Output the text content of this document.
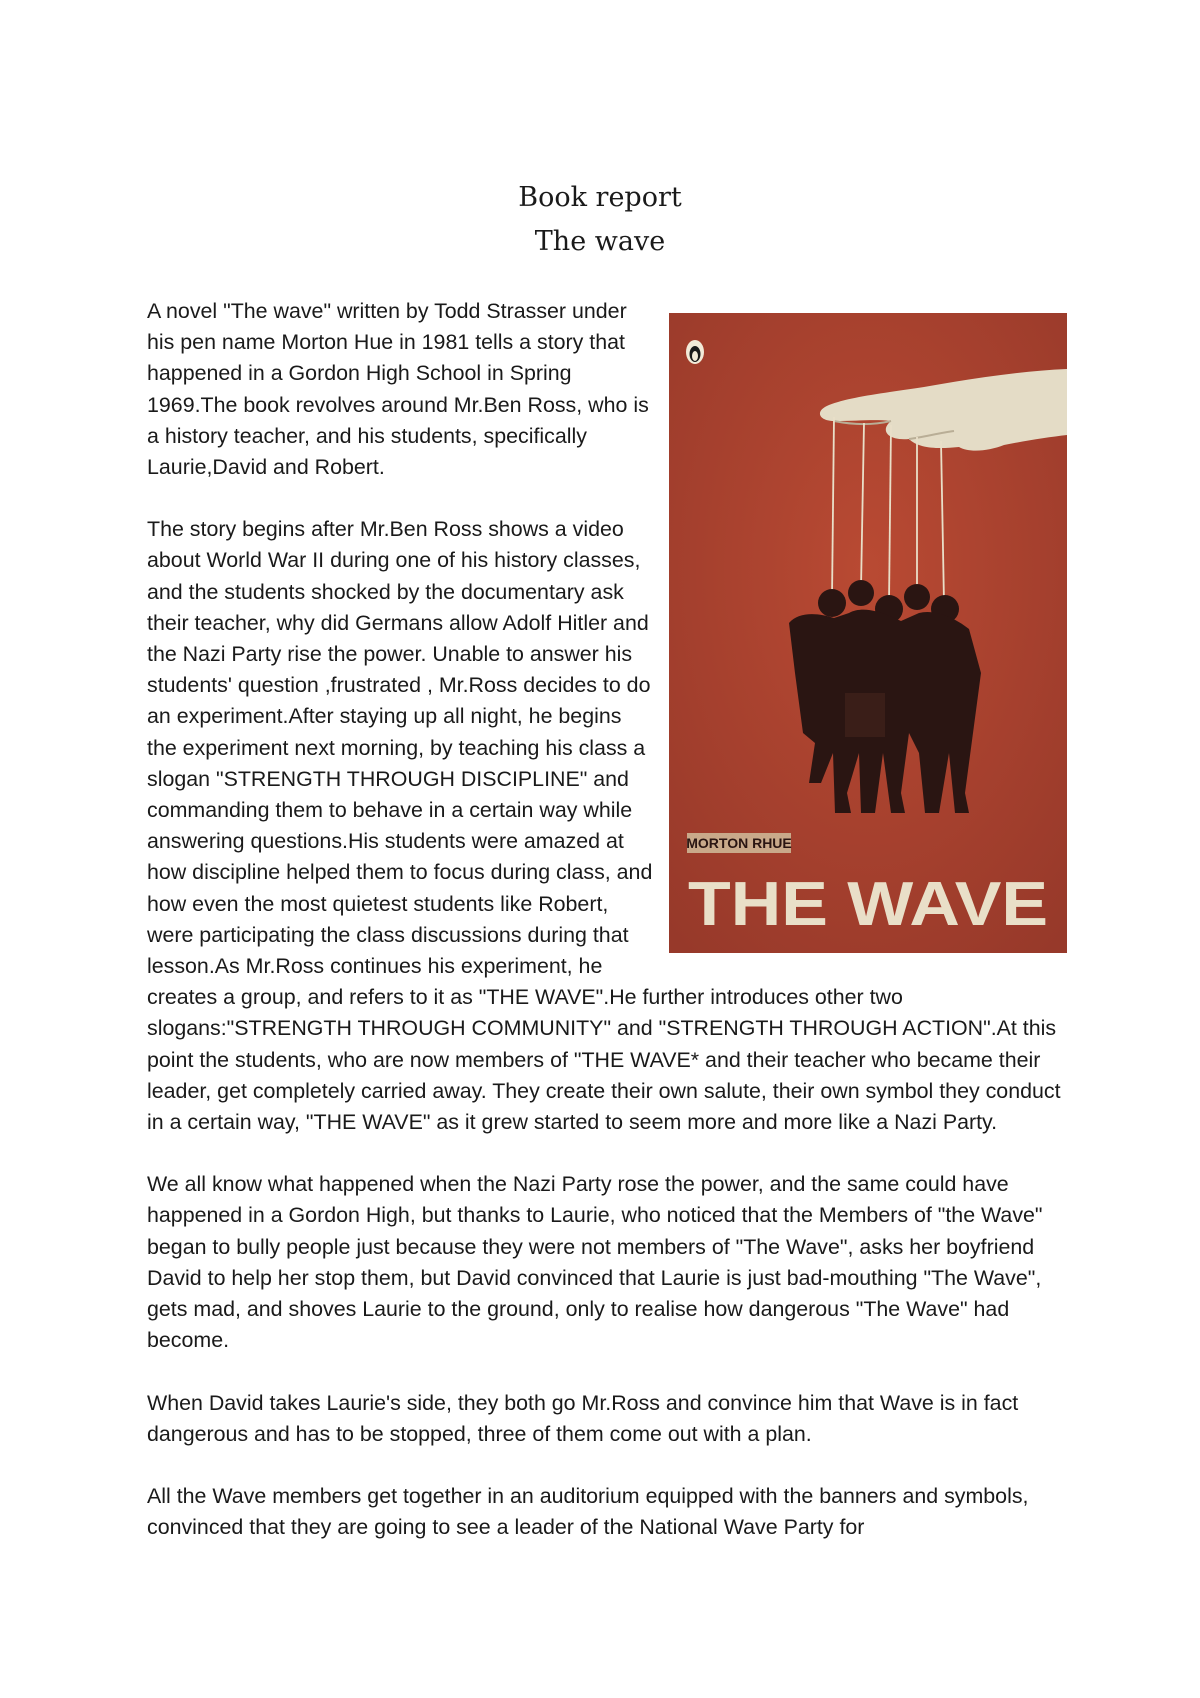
Book report
The wave
MORTON RHUE
THE WAVE

A novel "The wave" written by Todd Strasser under his pen name Morton Hue in 1981 tells a story that happened in a Gordon High School in Spring 1969.The book revolves around Mr.Ben Ross, who is a history teacher, and his students, specifically Laurie,David and Robert.

The story begins after Mr.Ben Ross shows a video about World War II during one of his history classes, and the students shocked by the documentary ask their teacher, why did Germans allow Adolf Hitler and the Nazi Party rise the power. Unable to answer his students' question ,frustrated , Mr.Ross decides to do an experiment.After staying up all night, he begins the experiment next morning, by teaching his class a slogan "STRENGTH THROUGH DISCIPLINE" and commanding them to behave in a certain way while answering questions.His students were amazed at how discipline helped them to focus during class, and how even the most quietest students like Robert, were participating the class discussions during that lesson.As Mr.Ross continues his experiment, he creates a group, and refers to it as "THE WAVE".He further introduces other two slogans:"STRENGTH THROUGH COMMUNITY" and "STRENGTH THROUGH ACTION".At this point the students, who are now members of "THE WAVE* and their teacher who became their leader, get completely carried away. They create their own salute, their own symbol they conduct in a certain way, "THE WAVE" as it grew started to seem more and more like a Nazi Party.

We all know what happened when the Nazi Party rose the power, and the same could have happened in a Gordon High, but thanks to Laurie, who noticed that the Members of "the Wave" began to bully people just because they were not members of "The Wave", asks her boyfriend David to help her stop them, but David convinced that Laurie is just bad-mouthing "The Wave", gets mad, and shoves Laurie to the ground, only to realise how dangerous "The Wave" had become.

When David takes Laurie's side, they both go Mr.Ross and convince him that Wave is in fact dangerous and has to be stopped, three of them come out with a plan.

All the Wave members get together in an auditorium equipped with the banners and symbols, convinced that they are going to see a leader of the National Wave Party for
